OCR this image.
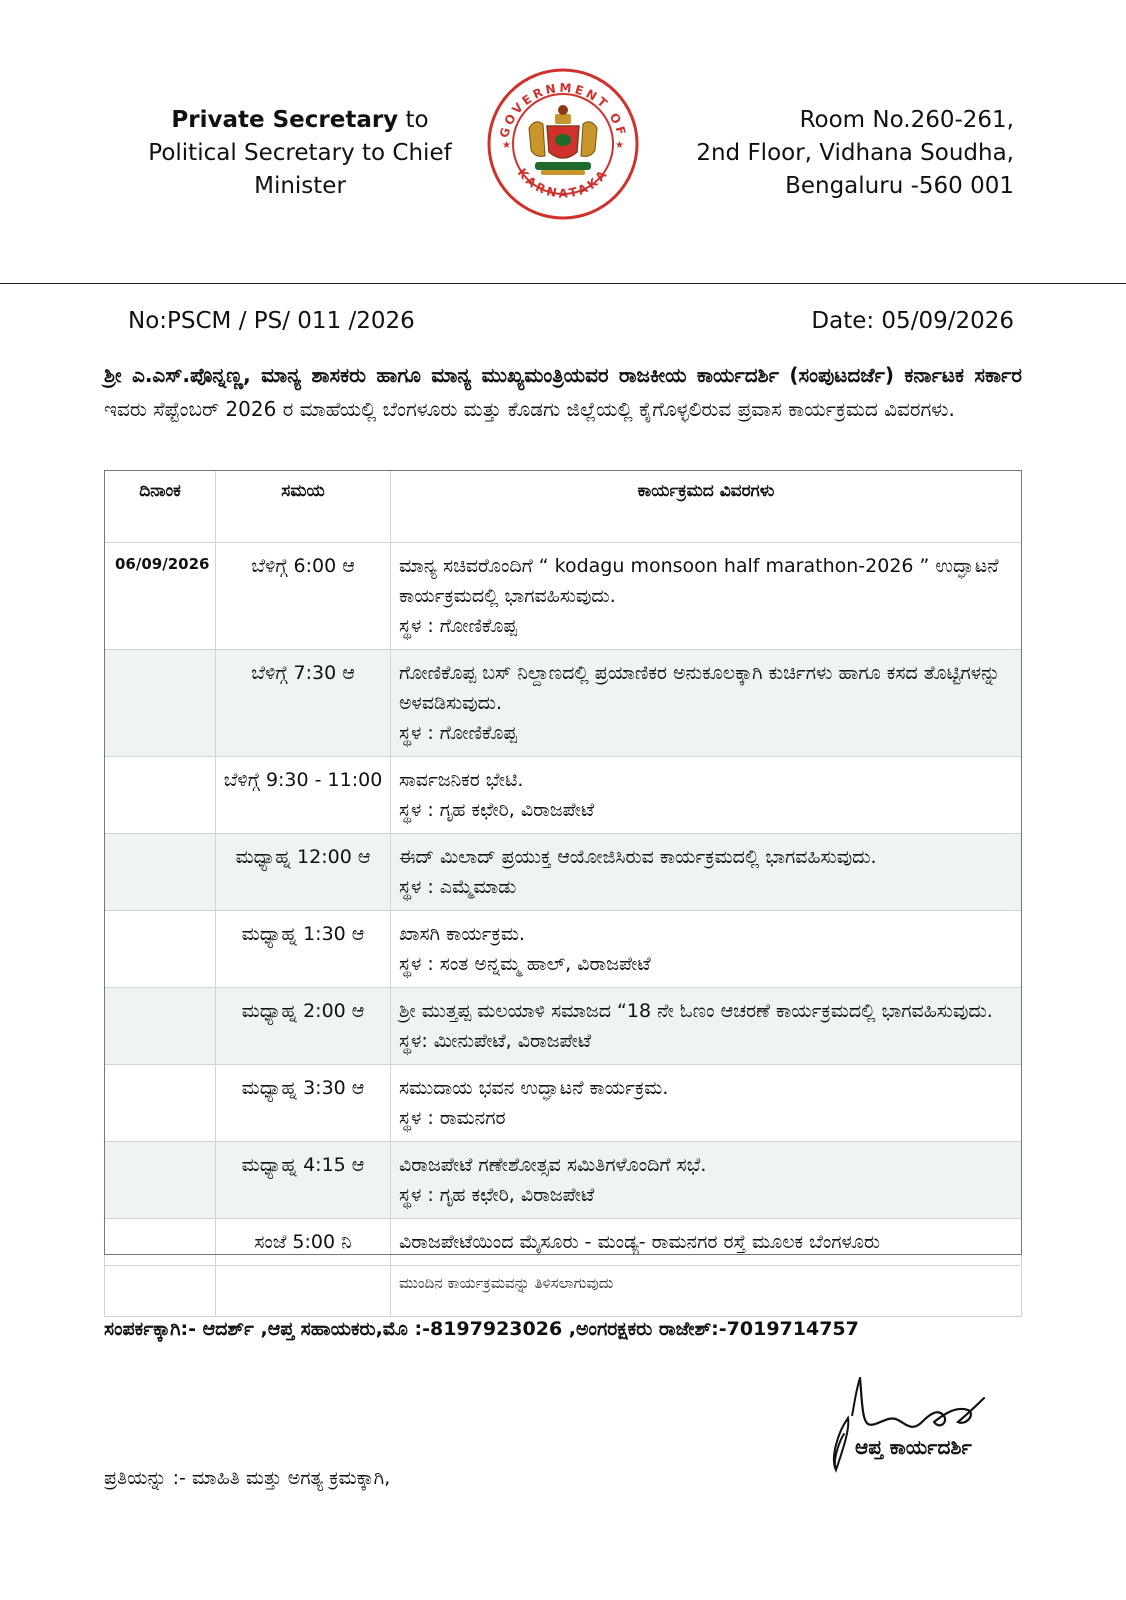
Private Secretary to
Political Secretary to Chief Minister
GOVERNMENT OF
KARNATAKA
★	★
Room No.260-261,
2nd Floor, Vidhana Soudha,
Bengaluru -560 001
No:PSCM / PS/ 011 /2026	Date: 05/09/2026
ಶ್ರೀ ಎ.ಎಸ್.ಪೊನ್ನಣ್ಣ, ಮಾನ್ಯ ಶಾಸಕರು ಹಾಗೂ ಮಾನ್ಯ ಮುಖ್ಯಮಂತ್ರಿಯವರ ರಾಜಕೀಯ ಕಾರ್ಯದರ್ಶಿ (ಸಂಪುಟದರ್ಜೆ) ಕರ್ನಾಟಕ ಸರ್ಕಾರ ಇವರು ಸೆಪ್ಟೆಂಬರ್ 2026 ರ ಮಾಹೆಯಲ್ಲಿ ಬೆಂಗಳೂರು ಮತ್ತು ಕೊಡಗು ಜಿಲ್ಲೆಯಲ್ಲಿ ಕೈಗೊಳ್ಳಲಿರುವ ಪ್ರವಾಸ ಕಾರ್ಯಕ್ರಮದ ವಿವರಗಳು.
ದಿನಾಂಕ	ಸಮಯ	ಕಾರ್ಯಕ್ರಮದ ವಿವರಗಳು
06/09/2026	ಬೆಳಿಗ್ಗೆ 6:00 ಆ	ಮಾನ್ಯ ಸಚಿವರೊಂದಿಗೆ “ kodagu monsoon half marathon-2026 ” ಉದ್ಘಾಟನೆ ಕಾರ್ಯಕ್ರಮದಲ್ಲಿ ಭಾಗವಹಿಸುವುದು.
ಸ್ಥಳ : ಗೋಣಿಕೊಪ್ಪ

	ಬೆಳಿಗ್ಗೆ 7:30 ಆ	ಗೋಣಿಕೊಪ್ಪ ಬಸ್ ನಿಲ್ದಾಣದಲ್ಲಿ ಪ್ರಯಾಣಿಕರ ಅನುಕೂಲಕ್ಕಾಗಿ ಕುರ್ಚಿಗಳು ಹಾಗೂ ಕಸದ ತೊಟ್ಟಿಗಳನ್ನು ಅಳವಡಿಸುವುದು.
ಸ್ಥಳ : ಗೋಣಿಕೊಪ್ಪ

	ಬೆಳಿಗ್ಗೆ 9:30 - 11:00	ಸಾರ್ವಜನಿಕರ ಭೇಟಿ.
ಸ್ಥಳ : ಗೃಹ ಕಛೇರಿ, ವಿರಾಜಪೇಟೆ

	ಮಧ್ಯಾಹ್ನ 12:00 ಆ	ಈದ್ ಮಿಲಾದ್ ಪ್ರಯುಕ್ತ ಆಯೋಜಿಸಿರುವ ಕಾರ್ಯಕ್ರಮದಲ್ಲಿ ಭಾಗವಹಿಸುವುದು.
ಸ್ಥಳ : ಎಮ್ಮೆಮಾಡು

	ಮಧ್ಯಾಹ್ನ 1:30 ಆ	ಖಾಸಗಿ ಕಾರ್ಯಕ್ರಮ.
ಸ್ಥಳ : ಸಂತ ಅನ್ನಮ್ಮ ಹಾಲ್, ವಿರಾಜಪೇಟೆ

	ಮಧ್ಯಾಹ್ನ 2:00 ಆ	ಶ್ರೀ ಮುತ್ತಪ್ಪ ಮಲಯಾಳಿ ಸಮಾಜದ “18 ನೇ ಓಣಂ ಆಚರಣೆ ಕಾರ್ಯಕ್ರಮದಲ್ಲಿ ಭಾಗವಹಿಸುವುದು.
ಸ್ಥಳ: ಮೀನುಪೇಟೆ, ವಿರಾಜಪೇಟೆ

	ಮಧ್ಯಾಹ್ನ 3:30 ಆ	ಸಮುದಾಯ ಭವನ ಉದ್ಘಾಟನೆ ಕಾರ್ಯಕ್ರಮ.
ಸ್ಥಳ : ರಾಮನಗರ

	ಮಧ್ಯಾಹ್ನ 4:15 ಆ	ವಿರಾಜಪೇಟೆ ಗಣೇಶೋತ್ಸವ ಸಮಿತಿಗಳೊಂದಿಗೆ ಸಭೆ.
ಸ್ಥಳ : ಗೃಹ ಕಛೇರಿ, ವಿರಾಜಪೇಟೆ

	ಸಂಜೆ 5:00 ನಿ	ವಿರಾಜಪೇಟೆಯಿಂದ ಮೈಸೂರು - ಮಂಡ್ಯ- ರಾಮನಗರ ರಸ್ತೆ ಮೂಲಕ ಬೆಂಗಳೂರು

		ಮುಂದಿನ ಕಾರ್ಯಕ್ರಮವನ್ನು ತಿಳಿಸಲಾಗುವುದು
ಸಂಪರ್ಕಕ್ಕಾಗಿ:- ಆದರ್ಶ್ ,ಆಪ್ತ ಸಹಾಯಕರು,ಮೊ :-8197923026 ,ಅಂಗರಕ್ಷಕರು ರಾಜೇಶ್:-7019714757
ಆಪ್ತ ಕಾರ್ಯದರ್ಶಿ
ಪ್ರತಿಯನ್ನು :- ಮಾಹಿತಿ ಮತ್ತು ಅಗತ್ಯ ಕ್ರಮಕ್ಕಾಗಿ,
